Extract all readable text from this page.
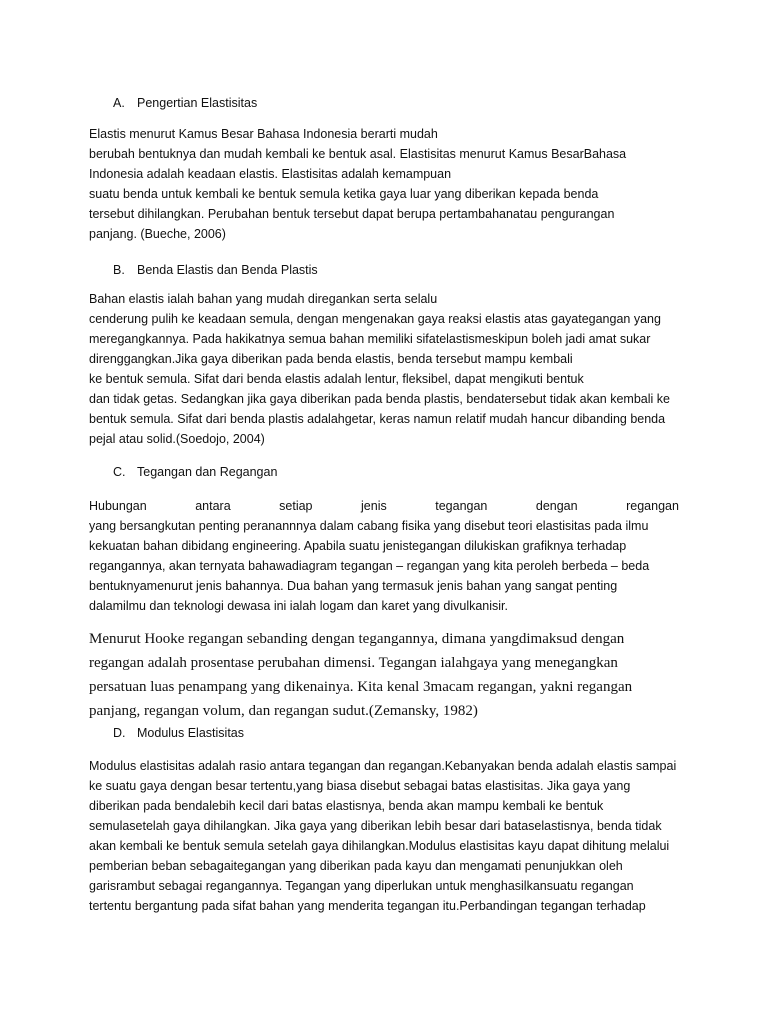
A. Pengertian Elastisitas
Elastis menurut Kamus Besar Bahasa Indonesia berarti mudah
berubah bentuknya dan mudah kembali ke bentuk asal. Elastisitas menurut Kamus BesarBahasa
Indonesia adalah keadaan elastis. Elastisitas adalah kemampuan
suatu benda untuk kembali ke bentuk semula ketika gaya luar yang diberikan kepada benda
tersebut dihilangkan. Perubahan bentuk tersebut dapat berupa pertambahanatau pengurangan
panjang. (Bueche, 2006)
B. Benda Elastis dan Benda Plastis
Bahan elastis ialah bahan yang mudah diregankan serta selalu
cenderung pulih ke keadaan semula, dengan mengenakan gaya reaksi elastis atas gayategangan yang
meregangkannya. Pada hakikatnya semua bahan memiliki sifatelastismeskipun boleh jadi amat sukar
direnggangkan.Jika gaya diberikan pada benda elastis, benda tersebut mampu kembali
ke bentuk semula. Sifat dari benda elastis adalah lentur, fleksibel, dapat mengikuti bentuk
dan tidak getas. Sedangkan jika gaya diberikan pada benda plastis, bendatersebut tidak akan kembali ke
bentuk semula. Sifat dari benda plastis adalahgetar, keras namun relatif mudah hancur dibanding benda
pejal atau solid.(Soedojo, 2004)
C. Tegangan dan Regangan
Hubungan	antara	setiap	jenis	tegangan	dengan	regangan
yang bersangkutan penting peranannnya dalam cabang fisika yang disebut teori elastisitas pada ilmu
kekuatan bahan dibidang engineering. Apabila suatu jenistegangan dilukiskan grafiknya terhadap
regangannya, akan ternyata bahawadiagram tegangan – regangan yang kita peroleh berbeda – beda
bentuknyamenurut jenis bahannya. Dua bahan yang termasuk jenis bahan yang sangat penting
dalamilmu dan teknologi dewasa ini ialah logam dan karet yang divulkanisir.
Menurut Hooke regangan sebanding dengan tegangannya, dimana yangdimaksud dengan
regangan adalah prosentase perubahan dimensi. Tegangan ialahgaya yang menegangkan
persatuan luas penampang yang dikenainya. Kita kenal 3macam regangan, yakni regangan
panjang, regangan volum, dan regangan sudut.(Zemansky, 1982)
D. Modulus Elastisitas
Modulus elastisitas adalah rasio antara tegangan dan regangan.Kebanyakan benda adalah elastis sampai
ke suatu gaya dengan besar tertentu,yang biasa disebut sebagai batas elastisitas. Jika gaya yang
diberikan pada bendalebih kecil dari batas elastisnya, benda akan mampu kembali ke bentuk
semulasetelah gaya dihilangkan. Jika gaya yang diberikan lebih besar dari bataselastisnya, benda tidak
akan kembali ke bentuk semula setelah gaya dihilangkan.Modulus elastisitas kayu dapat dihitung melalui
pemberian beban sebagaitegangan yang diberikan pada kayu dan mengamati penunjukkan oleh
garisrambut sebagai regangannya. Tegangan yang diperlukan untuk menghasilkansuatu regangan
tertentu bergantung pada sifat bahan yang menderita tegangan itu.Perbandingan tegangan terhadap
